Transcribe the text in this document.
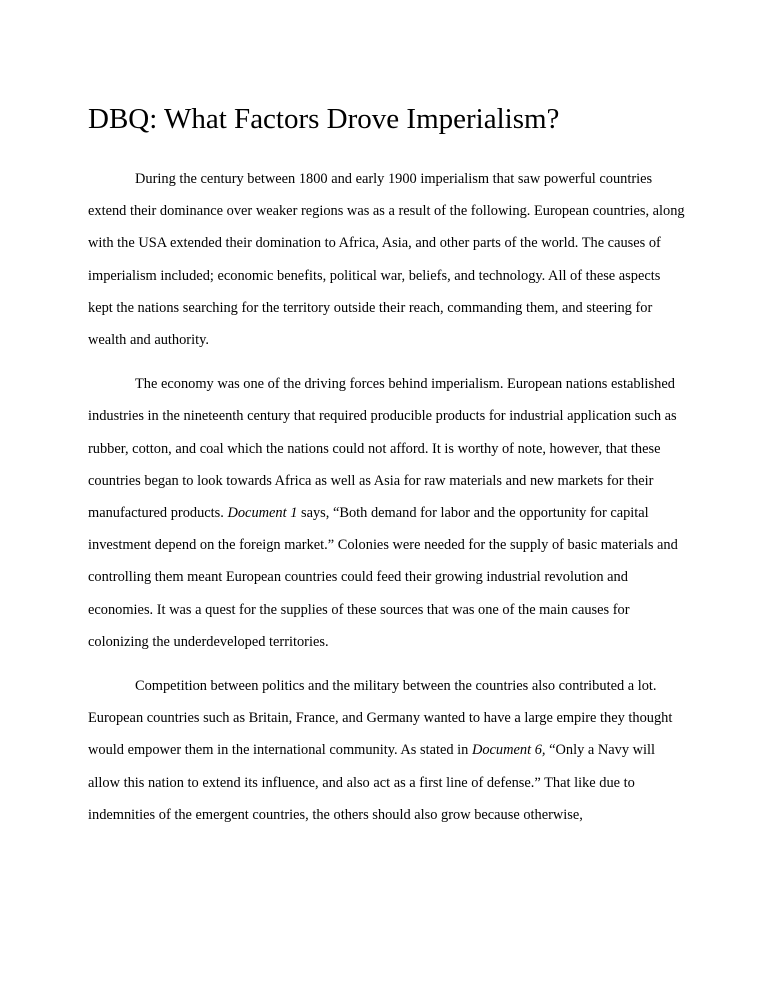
DBQ: What Factors Drove Imperialism?

During the century between 1800 and early 1900 imperialism that saw powerful countries extend their dominance over weaker regions was as a result of the following. European countries, along with the USA extended their domination to Africa, Asia, and other parts of the world. The causes of imperialism included; economic benefits, political war, beliefs, and technology. All of these aspects kept the nations searching for the territory outside their reach, commanding them, and steering for wealth and authority.

The economy was one of the driving forces behind imperialism. European nations established industries in the nineteenth century that required producible products for industrial application such as rubber, cotton, and coal which the nations could not afford. It is worthy of note, however, that these countries began to look towards Africa as well as Asia for raw materials and new markets for their manufactured products. Document 1 says, “Both demand for labor and the opportunity for capital investment depend on the foreign market.” Colonies were needed for the supply of basic materials and controlling them meant European countries could feed their growing industrial revolution and economies. It was a quest for the supplies of these sources that was one of the main causes for colonizing the underdeveloped territories.

Competition between politics and the military between the countries also contributed a lot. European countries such as Britain, France, and Germany wanted to have a large empire they thought would empower them in the international community. As stated in Document 6, “Only a Navy will allow this nation to extend its influence, and also act as a first line of defense.” That like due to indemnities of the emergent countries, the others should also grow because otherwise,
